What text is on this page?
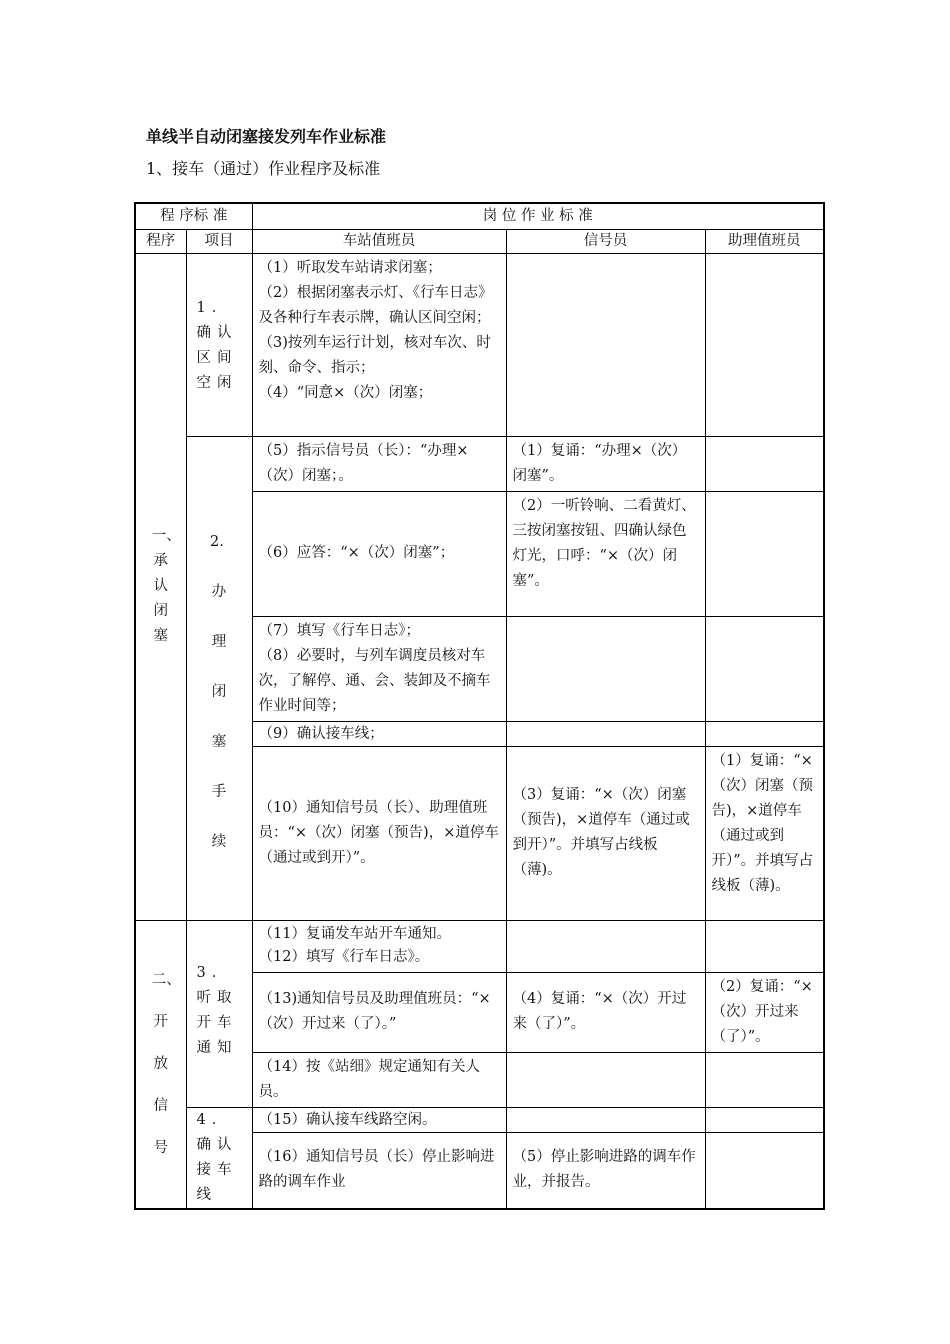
单线半自动闭塞接发列车作业标准
1、接车（通过）作业程序及标准
程 序标 准		岗 位 作 业 标 准		
程序	项目	车站值班员	信号员	助理值班员

一、承认闭塞	1．确认区间空闲	（1）听取发车站请求闭塞；
（2）根据闭塞表示灯、《行车日志》及各种行车表示牌，确认区间空闲；
（3)按列车运行计划，核对车次、时刻、命令、指示；
（4）“同意×（次）闭塞；		

	2．办理闭塞手续	（5）指示信号员（长）：“办理×（次）闭塞；。	（1）复诵：“办理×（次）闭塞”。	
		（6）应答：“×（次）闭塞”；	（2）一听铃响、二看黄灯、三按闭塞按钮、四确认绿色灯光，口呼：“×（次）闭塞”。	

		（7）填写《行车日志》；
（8）必要时，与列车调度员核对车次，了解停、通、会、装卸及不摘车作业时间等；		

		（9）确认接车线；		
		（10）通知信号员（长）、助理值班员：“×（次）闭塞（预告)，×道停车（通过或到开）”。	（3）复诵：“×（次）闭塞（预告)，×道停车（通过或到开）”。并填写占线板（薄)。	（1）复诵：“×（次）闭塞（预告)，×道停车（通过或到开）”。并填写占线板（薄)。

二、开放信号	3．听取开车通知	（11）复诵发车站开车通知。
（12）填写《行车日志》。		

		（13)通知信号员及助理值班员：“×（次）开过来（了）。”	（4）复诵：“×（次）开过来（了）”。	（2）复诵：“×（次）开过来（了）”。
		（14）按《站细》规定通知有关人员。		
	4．确认接车线	（15）确认接车线路空闲。		
		（16）通知信号员（长）停止影响进路的调车作业	（5）停止影响进路的调车作业，并报告。	
